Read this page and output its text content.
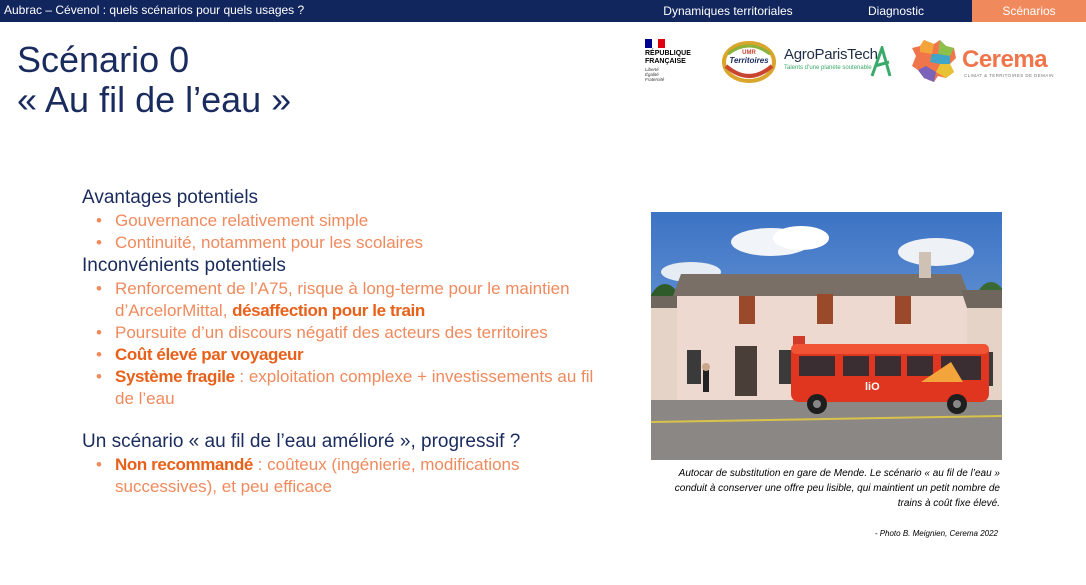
Aubrac – Cévenol : quels scénarios pour quels usages ?	Dynamiques territoriales	Diagnostic	Scénarios
Scénario 0
« Au fil de l’eau »
RÉPUBLIQUE
FRANÇAISE
Liberté
Égalité
Fraternité
UMR
Territoires AgroParisTech
Talents d’une planète soutenable	Cerema
CLIMAT & TERRITOIRES DE DEMAIN
Avantages potentiels
• Gouvernance relativement simple
• Continuité, notamment pour les scolaires
Inconvénients potentiels
• Renforcement de l’A75, risque à long-terme pour le maintien d’ArcelorMittal, désaffection pour le train
• Poursuite d’un discours négatif des acteurs des territoires
• Coût élevé par voyageur
• Système fragile : exploitation complexe + investissements au fil de l’eau
Un scénario « au fil de l’eau amélioré », progressif ?
• Non recommandé : coûteux (ingénierie, modifications successives), et peu efficace
liO

Autocar de substitution en gare de Mende. Le scénario « au fil de l’eau » conduit à conserver une offre peu lisible, qui maintient un petit nombre de trains à coût fixe élevé.

- Photo B. Meignien, Cerema 2022
